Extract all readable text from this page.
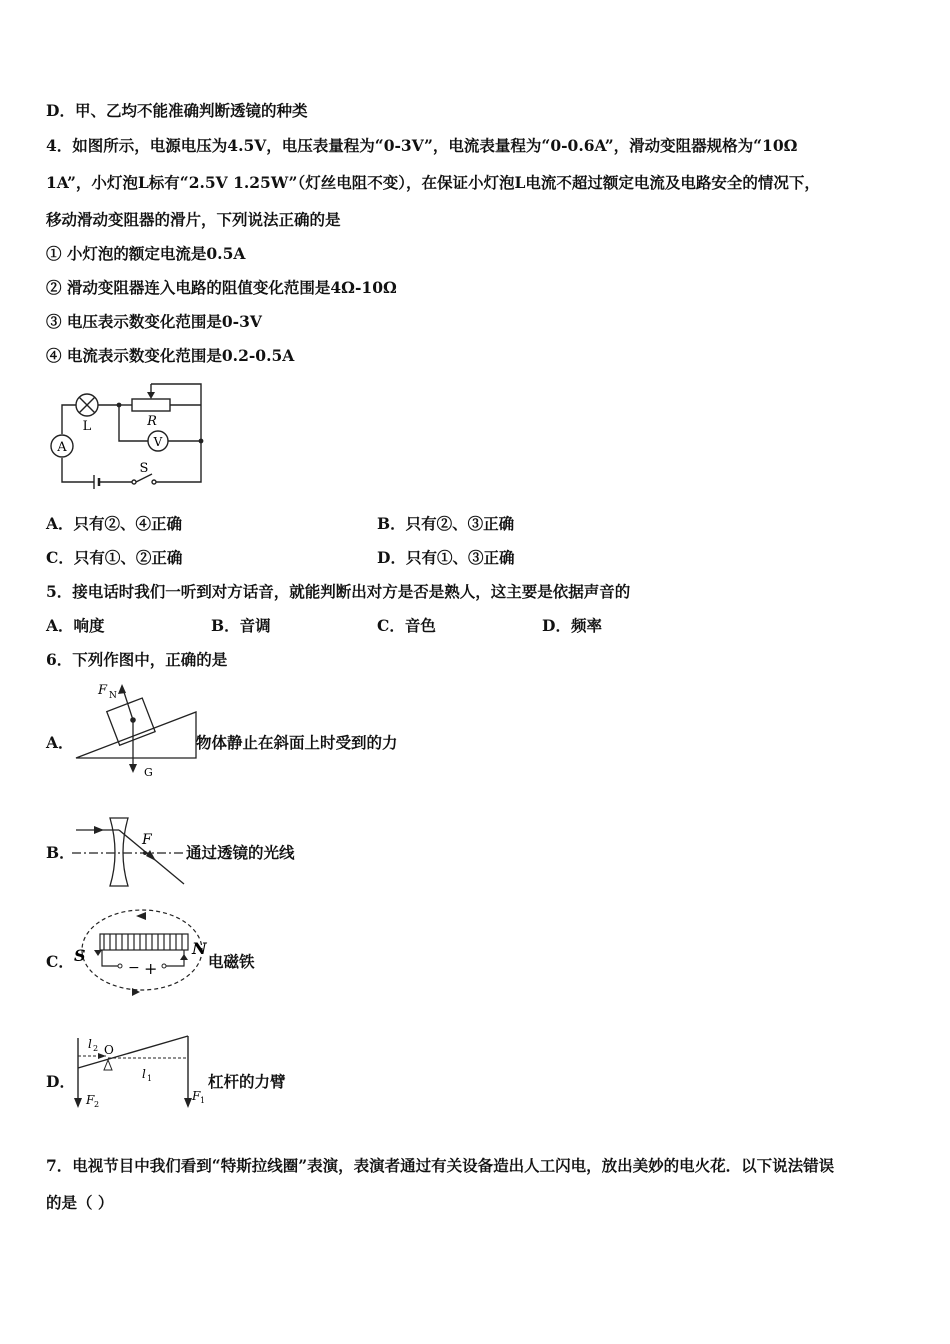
D．甲、乙均不能准确判断透镜的种类
4．如图所示，电源电压为4.5V，电压表量程为“0-3V”，电流表量程为“0-0.6A”，滑动变阻器规格为“10Ω
1A”，小灯泡L标有“2.5V 1.25W”（灯丝电阻不变），在保证小灯泡L电流不超过额定电流及电路安全的情况下，
移动滑动变阻器的滑片，下列说法正确的是
① 小灯泡的额定电流是0.5A
② 滑动变阻器连入电路的阻值变化范围是4Ω-10Ω
③ 电压表示数变化范围是0-3V
④ 电流表示数变化范围是0.2-0.5A
A	V
L	R
S
A．只有②、④正确	B．只有②、③正确
C．只有①、②正确	D．只有①、③正确
5．接电话时我们一听到对方话音，就能判断出对方是否是熟人，这主要是依据声音的
A．响度	B．音调	C．音色	D．频率
6．下列作图中，正确的是
A．
F N
G
物体静止在斜面上时受到的力
B．
F
通过透镜的光线
C． S	N
− +	电磁铁
D．
l 2 O
l 1
F 2
F 1
杠杆的力臂
7．电视节目中我们看到“特斯拉线圈”表演，表演者通过有关设备造出人工闪电，放出美妙的电火花．以下说法错误
的是（ ）
